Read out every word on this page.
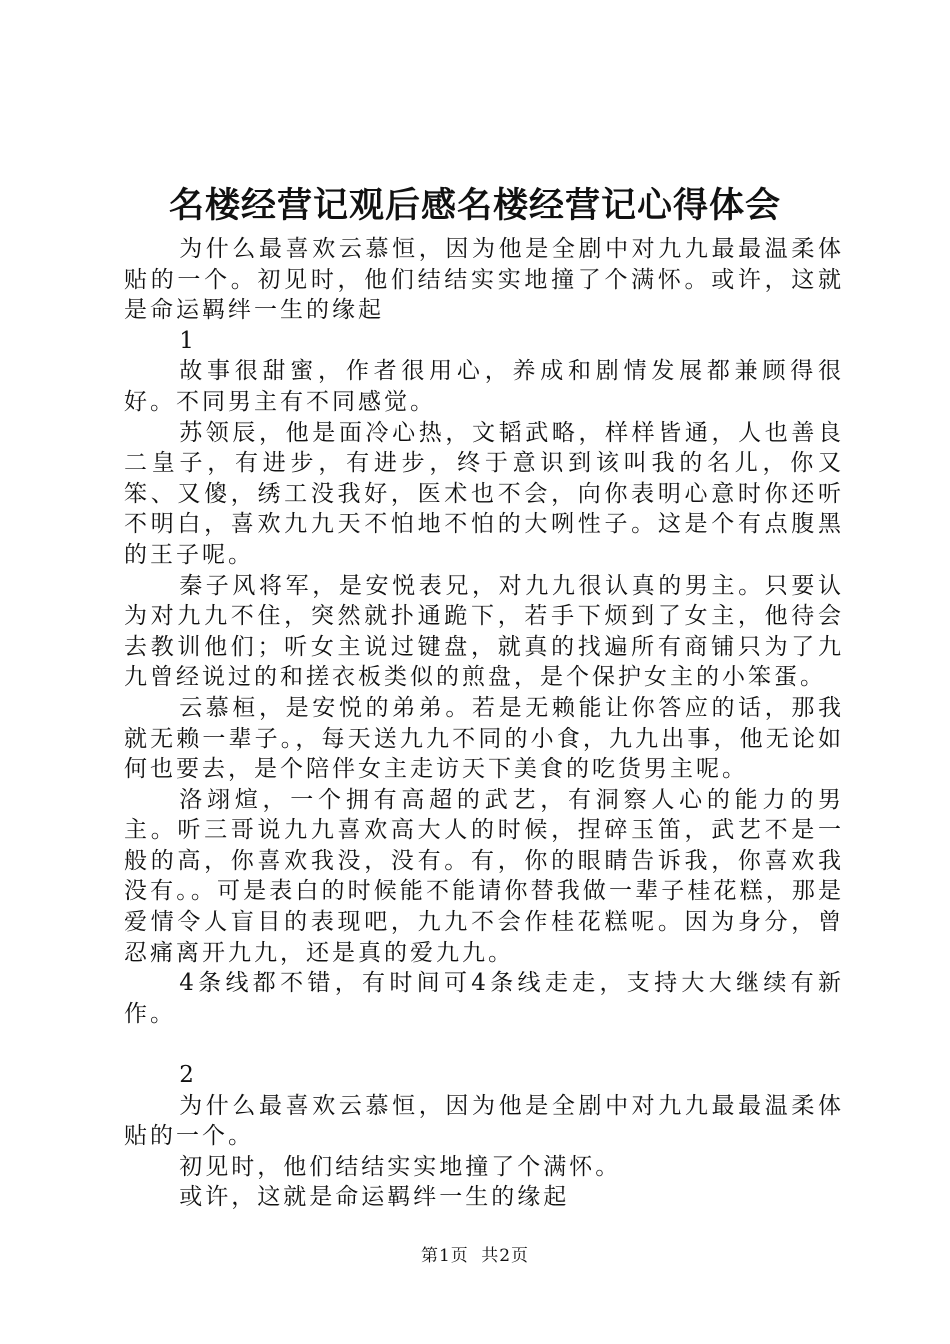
名楼经营记观后感名楼经营记心得体会

为什么最喜欢云慕恒，因为他是全剧中对九九最最温柔体贴的一个。初见时，他们结结实实地撞了个满怀。或许，这就是命运羁绊一生的缘起

1

故事很甜蜜，作者很用心，养成和剧情发展都兼顾得很好。不同男主有不同感觉。

苏领辰，他是面冷心热，文韬武略，样样皆通，人也善良二皇子，有进步，有进步，终于意识到该叫我的名儿，你又笨、又傻，绣工没我好，医术也不会，向你表明心意时你还听不明白，喜欢九九天不怕地不怕的大咧性子。这是个有点腹黑的王子呢。

秦子风将军，是安悦表兄，对九九很认真的男主。只要认为对九九不住，突然就扑通跪下，若手下烦到了女主，他待会去教训他们；听女主说过键盘，就真的找遍所有商铺只为了九九曾经说过的和搓衣板类似的煎盘，是个保护女主的小笨蛋。

云慕桓，是安悦的弟弟。若是无赖能让你答应的话，那我就无赖一辈子。，每天送九九不同的小食，九九出事，他无论如何也要去，是个陪伴女主走访天下美食的吃货男主呢。

洛翊煊，一个拥有高超的武艺，有洞察人心的能力的男主。听三哥说九九喜欢高大人的时候，捏碎玉笛，武艺不是一般的高，你喜欢我没，没有。有，你的眼睛告诉我，你喜欢我没有。。可是表白的时候能不能请你替我做一辈子桂花糕，那是爱情令人盲目的表现吧，九九不会作桂花糕呢。因为身分，曾忍痛离开九九，还是真的爱九九。

4条线都不错，有时间可4条线走走，支持大大继续有新作。

2

为什么最喜欢云慕恒，因为他是全剧中对九九最最温柔体贴的一个。

初见时，他们结结实实地撞了个满怀。

或许，这就是命运羁绊一生的缘起

第1页 共2页
